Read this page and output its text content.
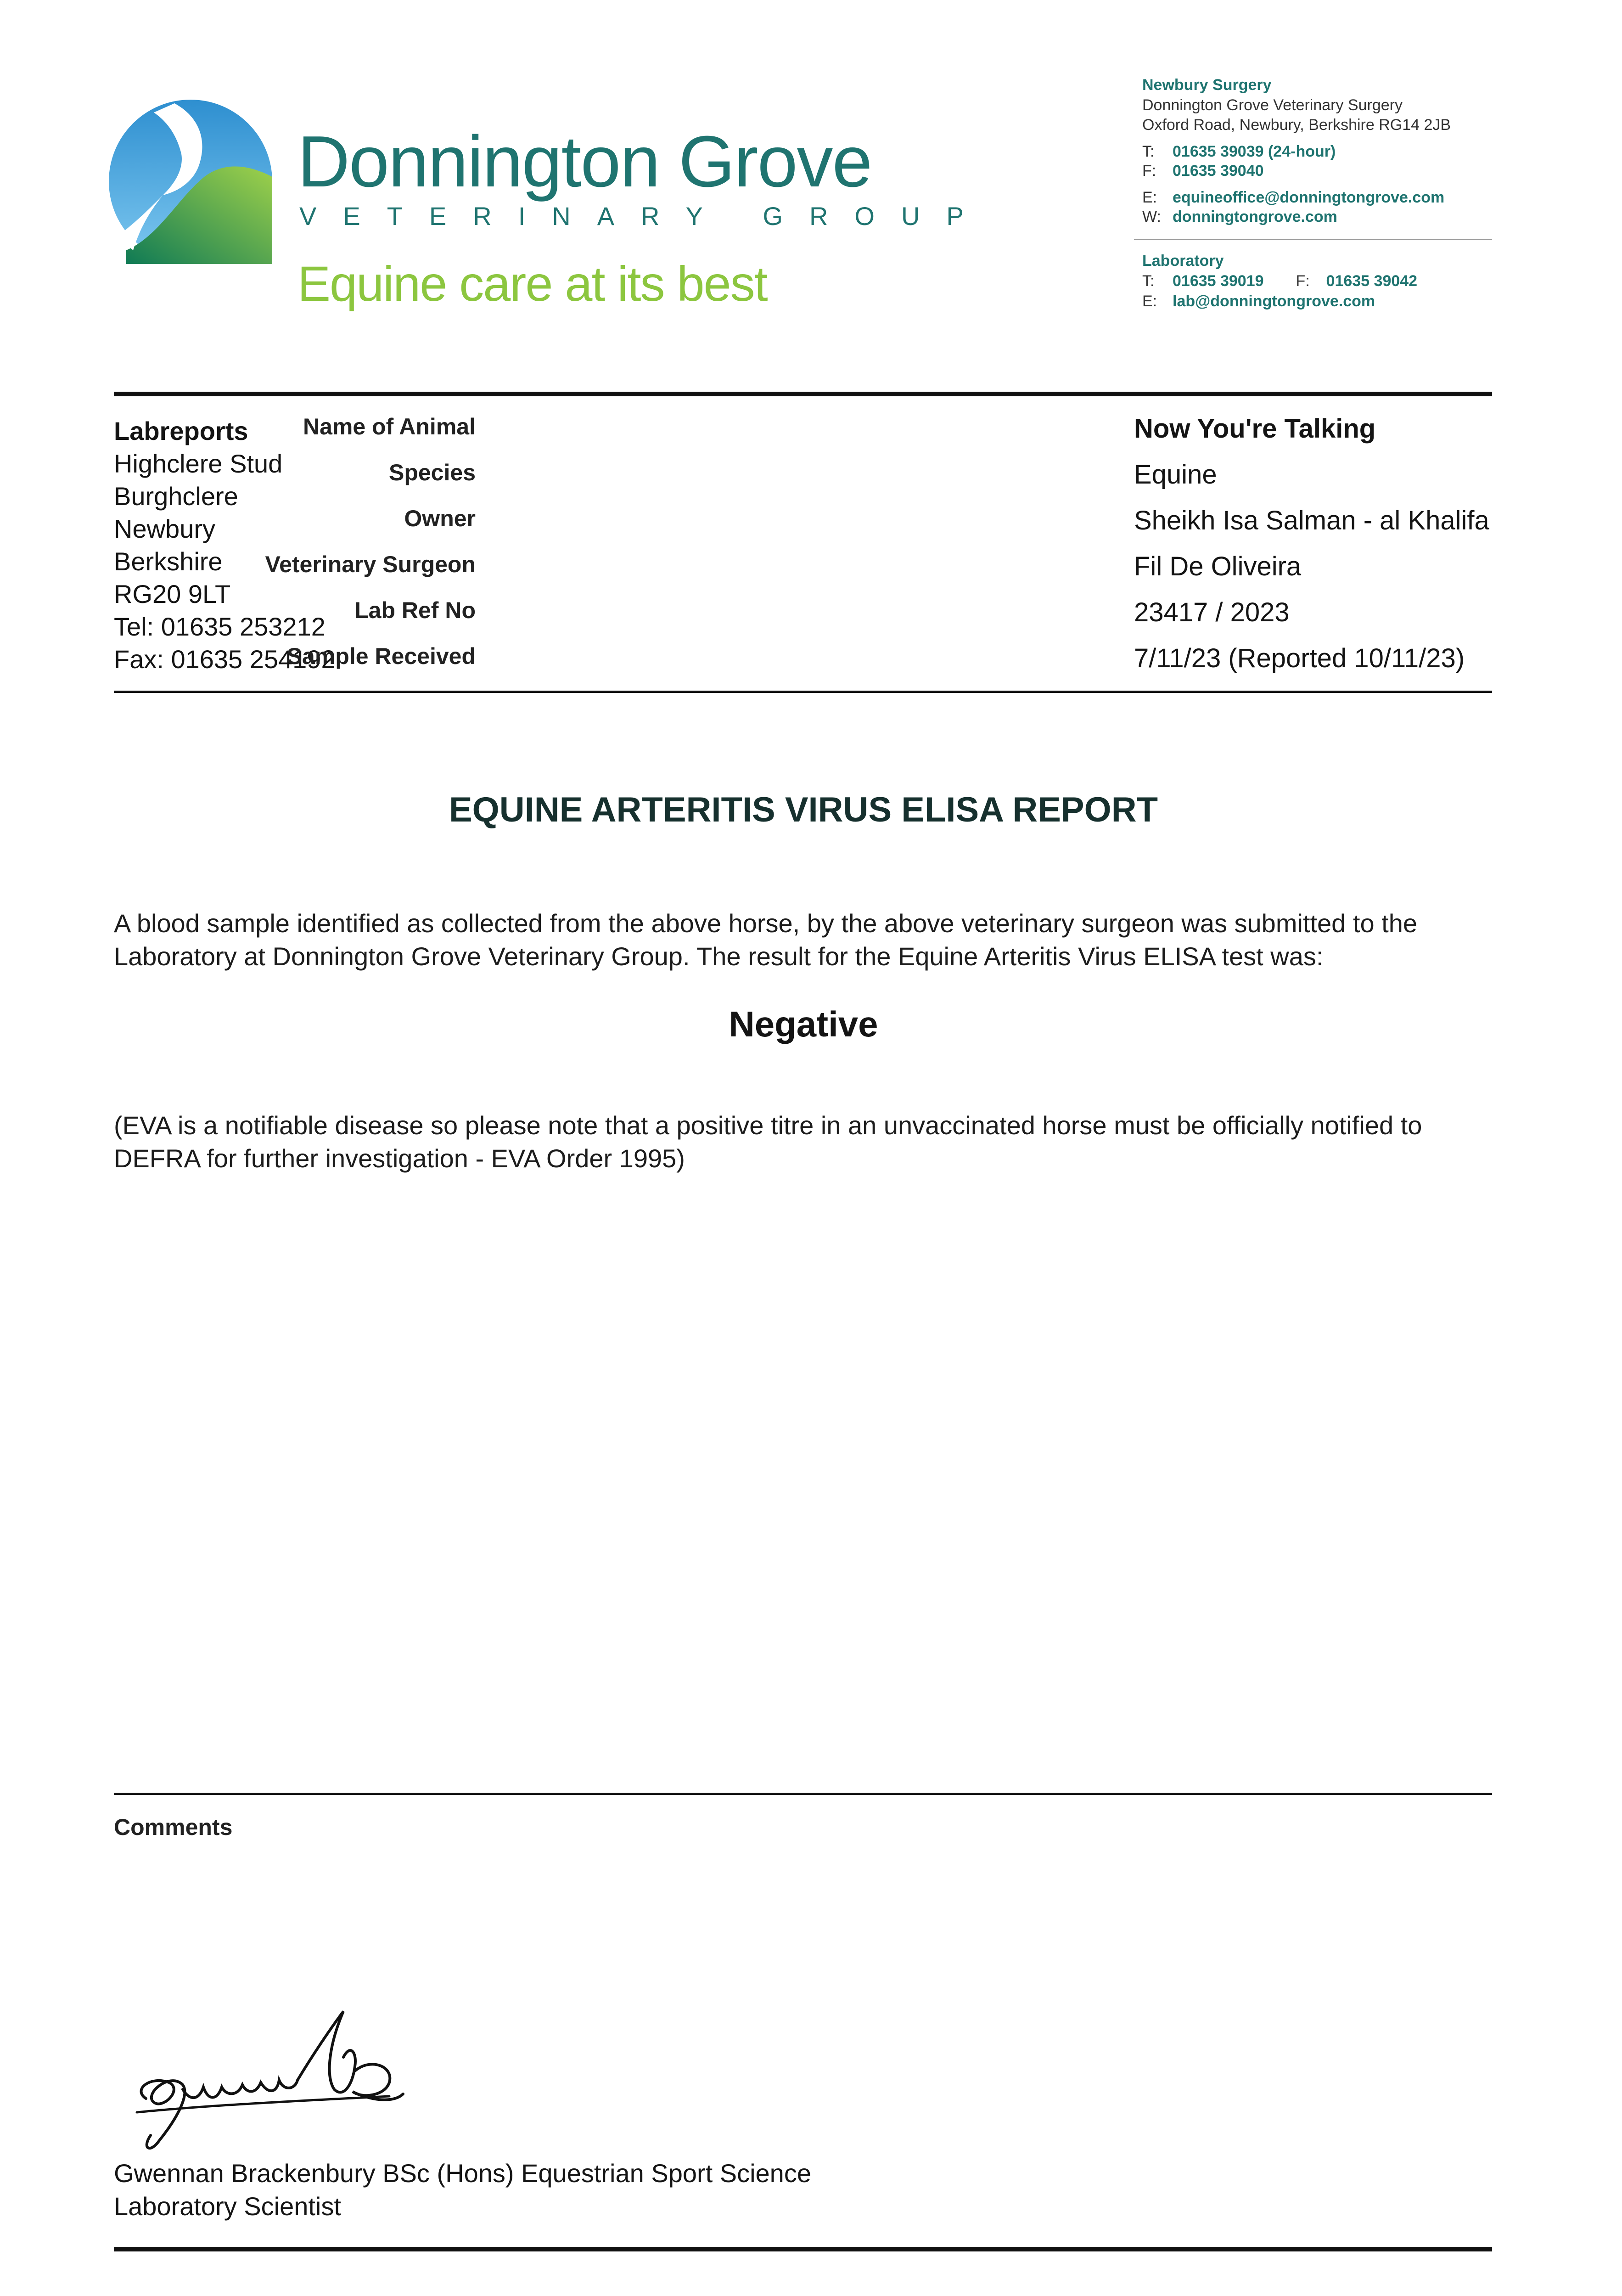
Donnington Grove
VETERINARY GROUP
Equine care at its best
Newbury Surgery
Donnington Grove Veterinary Surgery
Oxford Road, Newbury, Berkshire RG14 2JB
T: 01635 39039 (24-hour)
F: 01635 39040
E: equineoffice@donningtongrove.com
W: donningtongrove.com
Laboratory
T: 01635 39019 F: 01635 39042
E: lab@donningtongrove.com
Labreports
Highclere Stud
Burghclere
Newbury
Berkshire
RG20 9LT
Tel: 01635 253212
Fax: 01635 254192
Name of Animal	Now You're Talking
Species	Equine
Owner	Sheikh Isa Salman - al Khalifa
Veterinary Surgeon	Fil De Oliveira
Lab Ref No	23417 / 2023
Sample Received	7/11/23 (Reported 10/11/23)
EQUINE ARTERITIS VIRUS ELISA REPORT
A blood sample identified as collected from the above horse, by the above veterinary surgeon was submitted to the Laboratory at Donnington Grove Veterinary Group. The result for the Equine Arteritis Virus ELISA test was:
Negative
(EVA is a notifiable disease so please note that a positive titre in an unvaccinated horse must be officially notified to DEFRA for further investigation - EVA Order 1995)
Comments
Gwennan Brackenbury BSc (Hons) Equestrian Sport Science
Laboratory Scientist
